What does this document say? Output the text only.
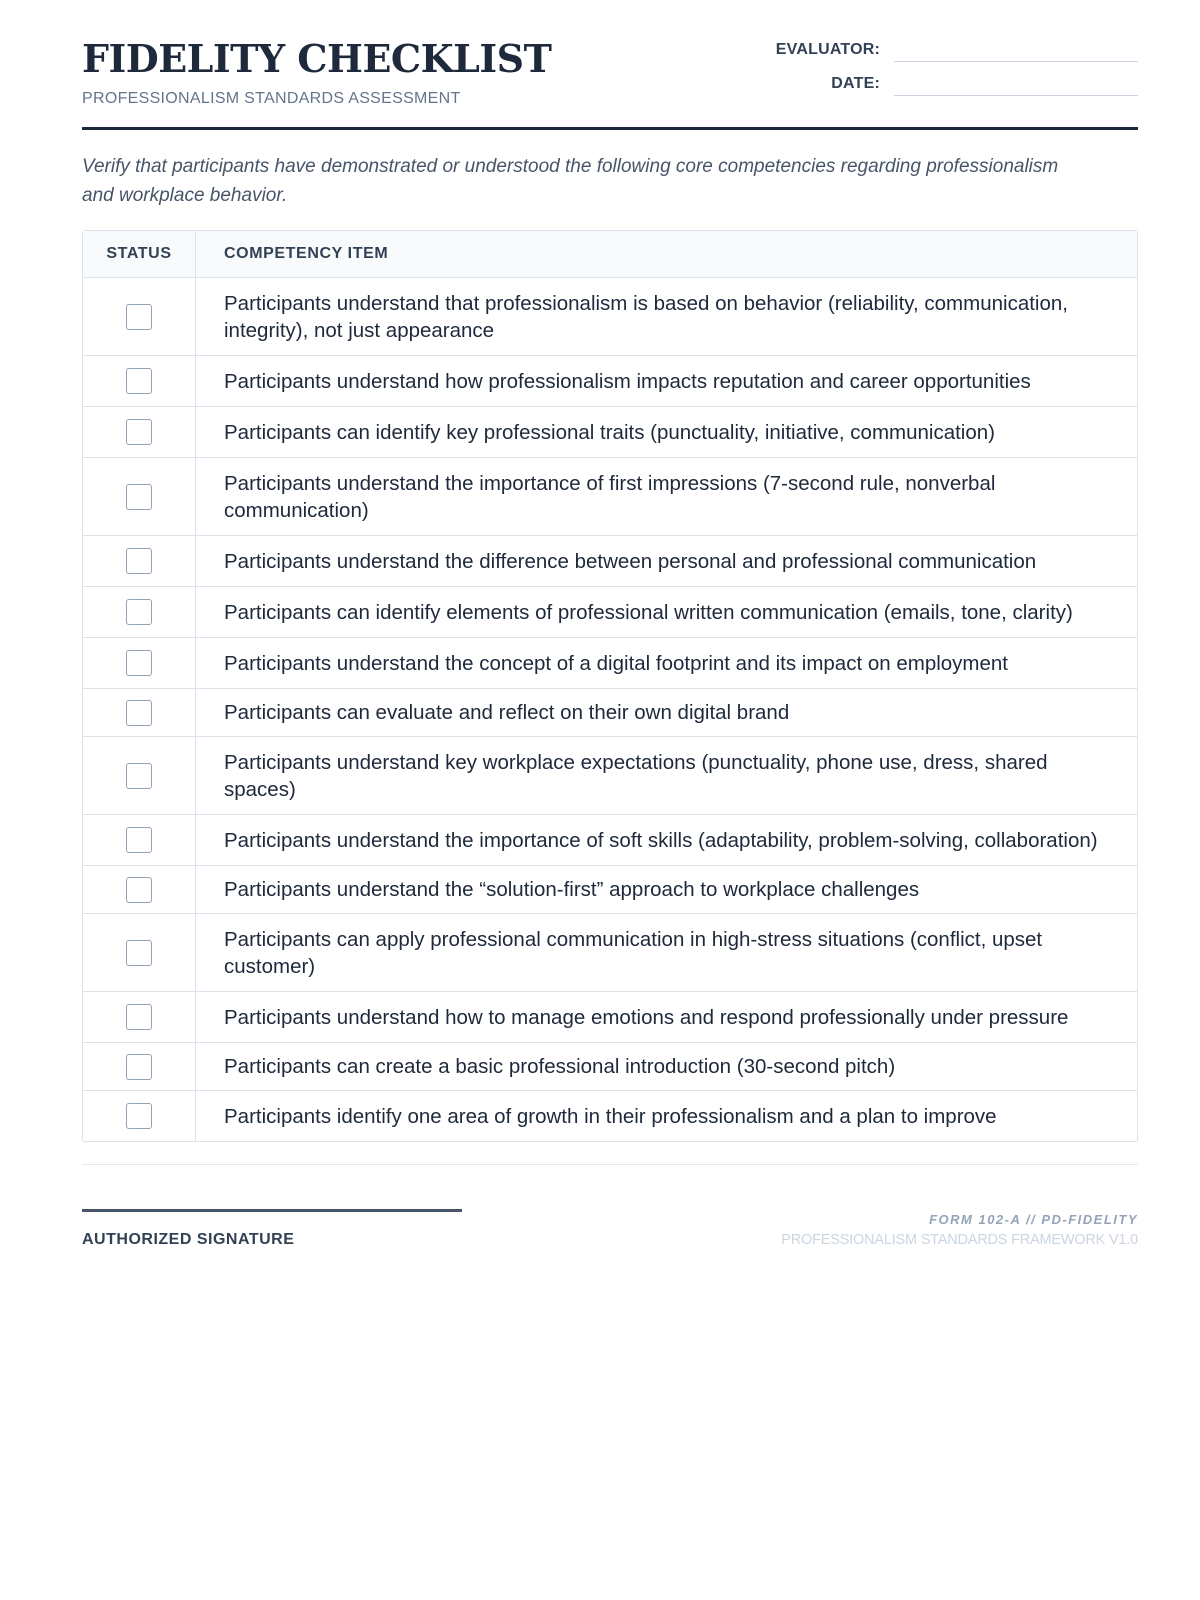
FIDELITY CHECKLIST
PROFESSIONALISM STANDARDS ASSESSMENT
EVALUATOR:
DATE:

Verify that participants have demonstrated or understood the following core competencies regarding professionalism and workplace behavior.

STATUS	COMPETENCY ITEM
Participants understand that professionalism is based on behavior (reliability, communication, integrity), not just appearance
Participants understand how professionalism impacts reputation and career opportunities
Participants can identify key professional traits (punctuality, initiative, communication)
Participants understand the importance of first impressions (7-second rule, nonverbal communication)
Participants understand the difference between personal and professional communication
Participants can identify elements of professional written communication (emails, tone, clarity)
Participants understand the concept of a digital footprint and its impact on employment
Participants can evaluate and reflect on their own digital brand
Participants understand key workplace expectations (punctuality, phone use, dress, shared spaces)
Participants understand the importance of soft skills (adaptability, problem-solving, collaboration)
Participants understand the “solution-first” approach to workplace challenges
Participants can apply professional communication in high-stress situations (conflict, upset customer)
Participants understand how to manage emotions and respond professionally under pressure
Participants can create a basic professional introduction (30-second pitch)
Participants identify one area of growth in their professionalism and a plan to improve
AUTHORIZED SIGNATURE
FORM 102-A // PD-FIDELITY
PROFESSIONALISM STANDARDS FRAMEWORK V1.0
